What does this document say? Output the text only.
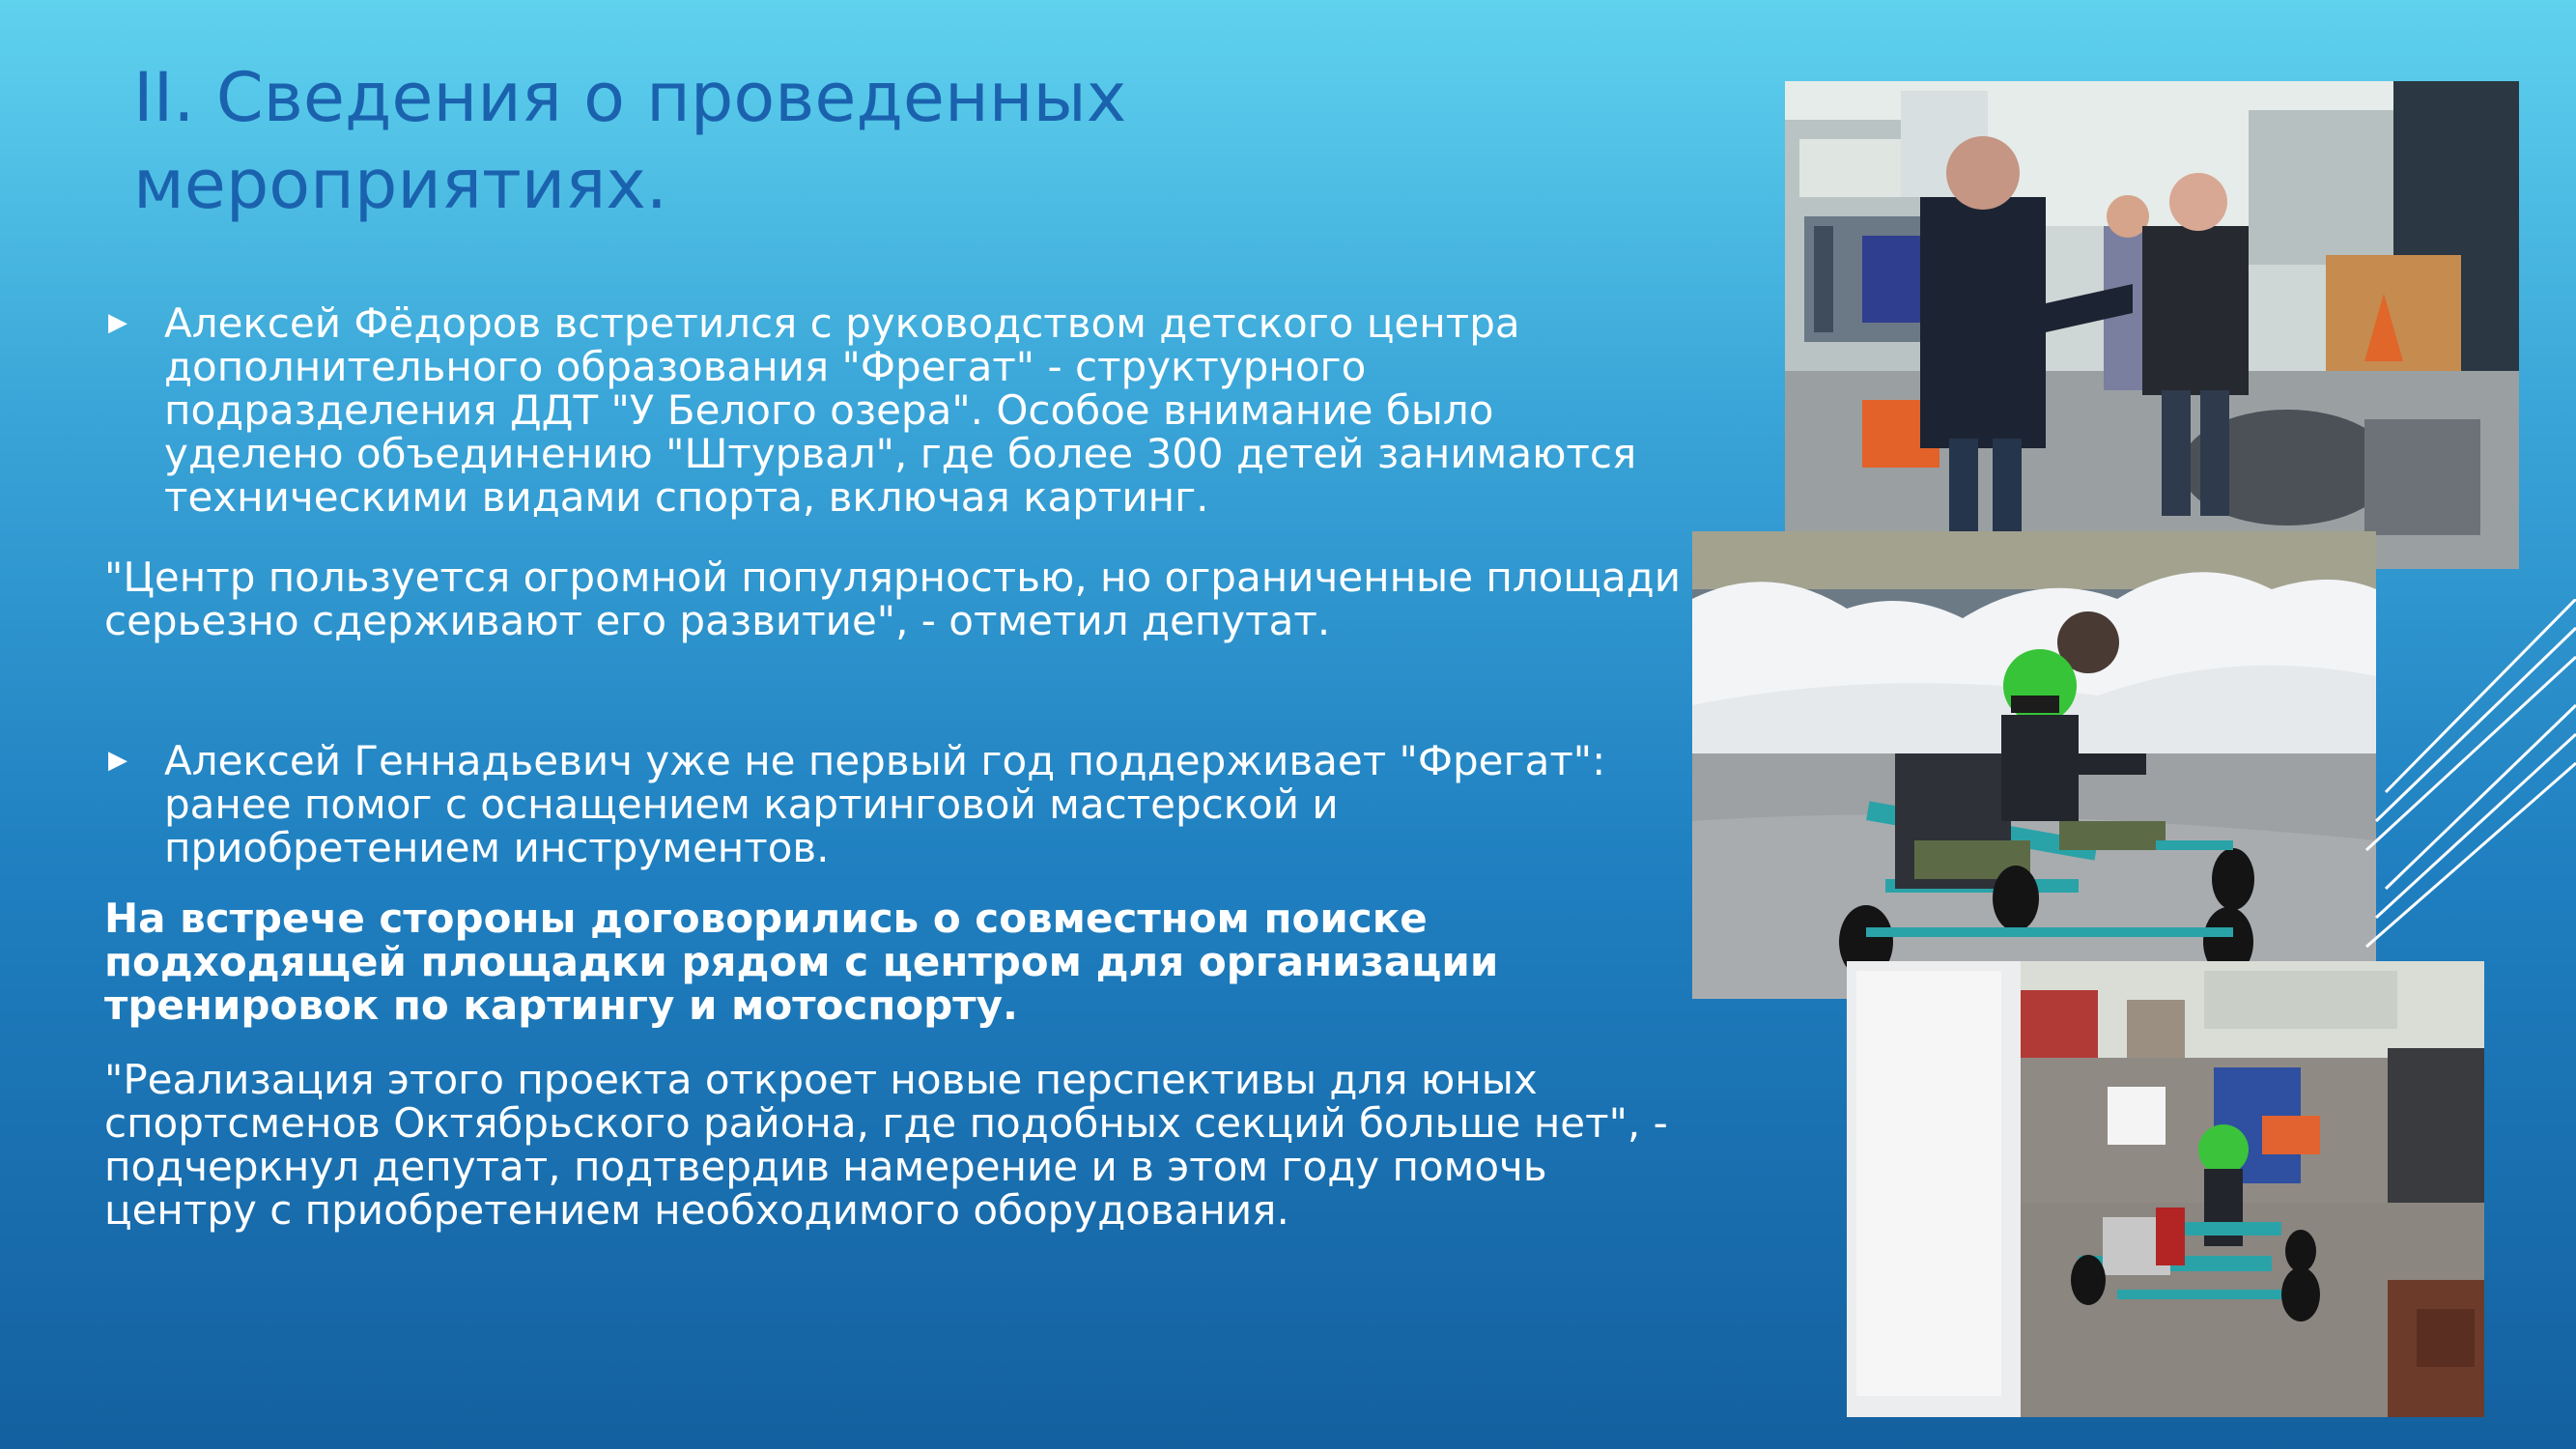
II. Сведения о проведенных мероприятиях.
▶ Алексей Фёдоров встретился с руководством детского центра дополнительного образования "Фрегат" - структурного подразделения ДДТ "У Белого озера". Особое внимание было уделено объединению "Штурвал", где более 300 детей занимаются техническими видами спорта, включая картинг.
"Центр пользуется огромной популярностью, но ограниченные площади серьезно сдерживают его развитие", - отметил депутат.
▶ Алексей Геннадьевич уже не первый год поддерживает "Фрегат": ранее помог с оснащением картинговой мастерской и приобретением инструментов.
На встрече стороны договорились о совместном поиске подходящей площадки рядом с центром для организации тренировок по картингу и мотоспорту.
"Реализация этого проекта откроет новые перспективы для юных спортсменов Октябрьского района, где подобных секций больше нет", - подчеркнул депутат, подтвердив намерение и в этом году помочь центру с приобретением необходимого оборудования.
